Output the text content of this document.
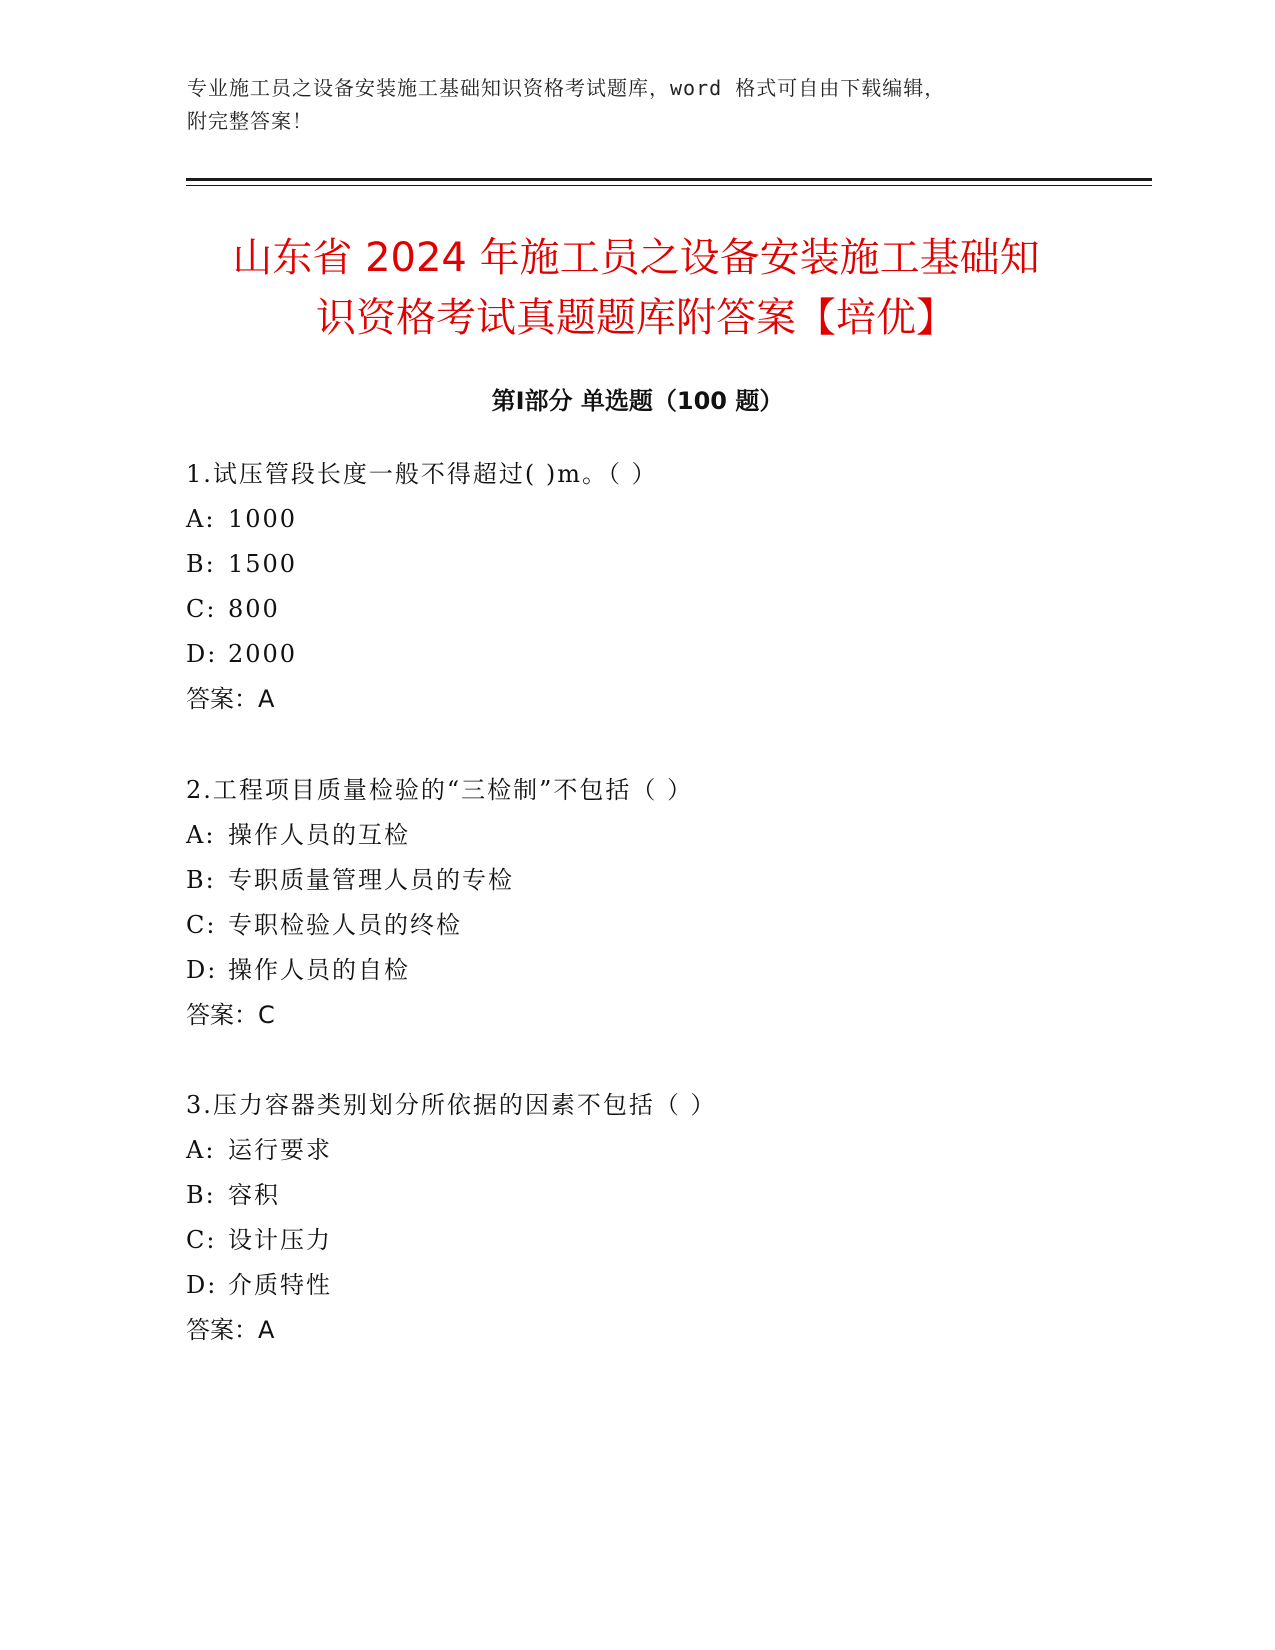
专业施工员之设备安装施工基础知识资格考试题库，word 格式可自由下载编辑，
附完整答案！
山东省 2024 年施工员之设备安装施工基础知
识资格考试真题题库附答案【培优】
第Ⅰ部分 单选题（100 题）
1.试压管段长度一般不得超过( )m。（ ）
A: 1000
B: 1500
C: 800
D: 2000
答案：A
2.工程项目质量检验的“三检制”不包括（ ）
A: 操作人员的互检
B: 专职质量管理人员的专检
C: 专职检验人员的终检
D: 操作人员的自检
答案：C
3.压力容器类别划分所依据的因素不包括（ ）
A: 运行要求
B: 容积
C: 设计压力
D: 介质特性
答案：A
